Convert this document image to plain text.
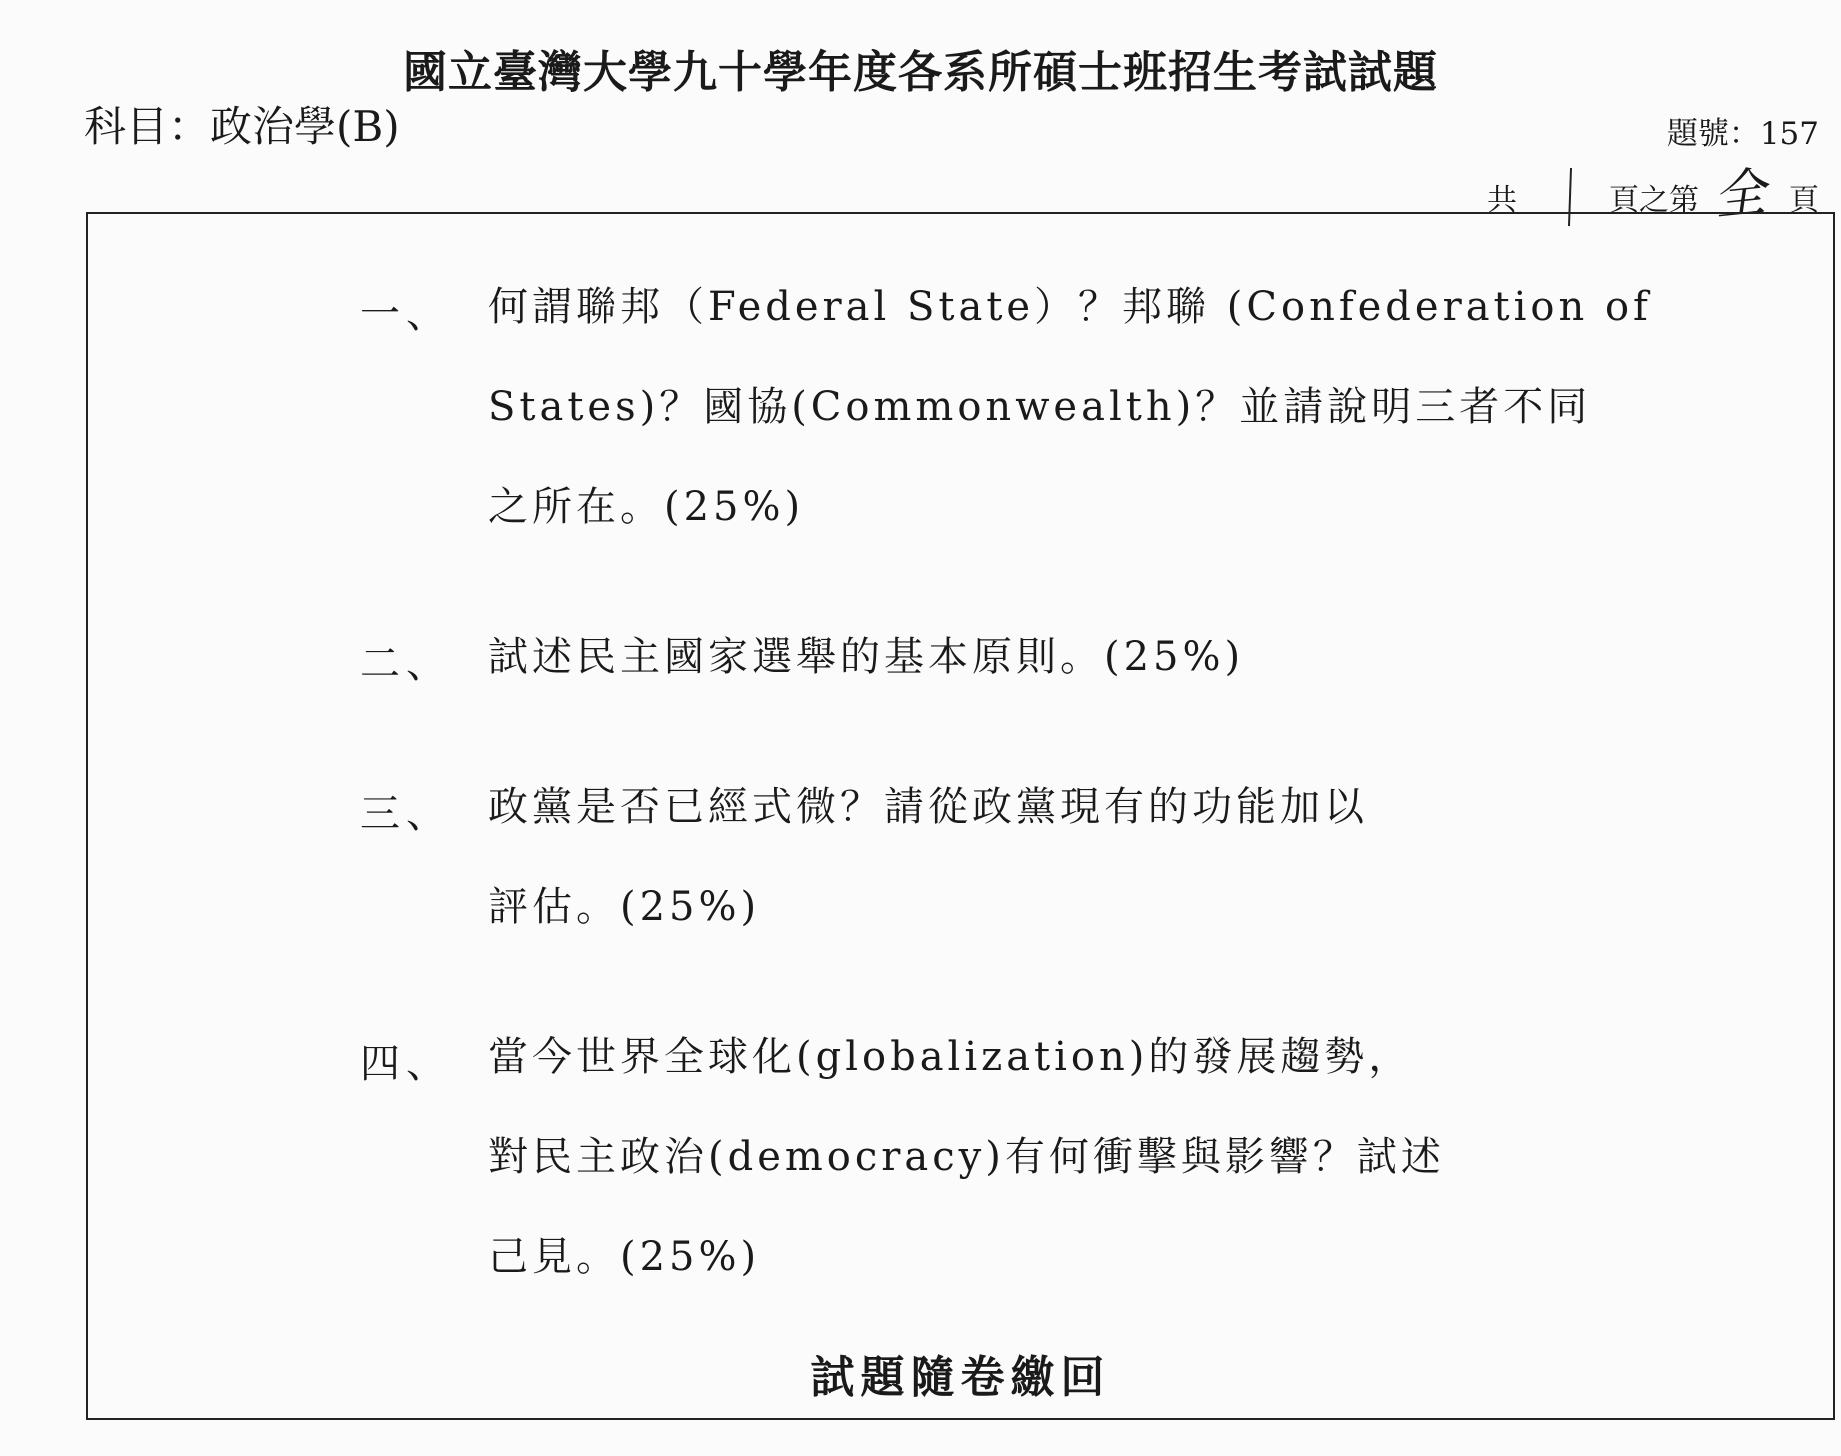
國立臺灣大學九十學年度各系所碩士班招生考試試題
科目：政治學(B)	題號：157
共	頁之第 全 頁
一、 何謂聯邦（Federal State）？邦聯 (Confederation of
States)？國協(Commonwealth)？並請說明三者不同
之所在。(25%)
二、 試述民主國家選舉的基本原則。(25%)
三、 政黨是否已經式微？請從政黨現有的功能加以
評估。(25%)
四、 當今世界全球化(globalization)的發展趨勢，
對民主政治(democracy)有何衝擊與影響？試述
己見。(25%)
試題隨卷繳回
